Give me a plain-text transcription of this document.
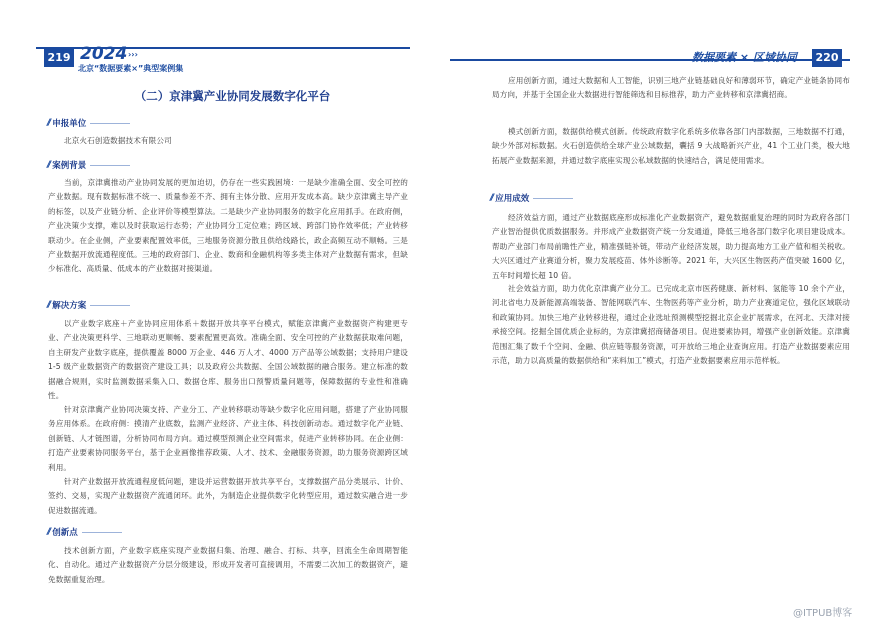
219 2024 ›››
北京“数据要素×”典型案例集
（二）京津冀产业协同发展数字化平台
// 申报单位
北京火石创造数据技术有限公司
// 案例背景
当前，京津冀推动产业协同发展的更加迫切，仍存在一些实践困境：一是缺少准确全面、安全可控的产业数据。现有数据标准不统一、质量参差不齐、拥有主体分散、应用开发成本高。缺少京津冀主导产业的标签，以及产业链分析、企业评价等模型算法。二是缺少产业协同服务的数字化应用抓手。在政府侧，产业决策少支撑，难以及时获取运行态势；产业协同分工定位难；跨区域、跨部门协作效率低；产业转移联动少。在企业侧，产业要素配置效率低，三地服务资源分散且供给线路长，政企高频互动不顺畅。三是产业数据开放流通程度低。三地的政府部门、企业、数商和金融机构等多类主体对产业数据有需求，但缺少标准化、高质量、低成本的产业数据对接渠道。
// 解决方案
以产业数字底座＋产业协同应用体系＋数据开放共享平台模式，赋能京津冀产业数据资产构建更专业、产业决策更科学、三地联动更顺畅、要素配置更高效。准确全面、安全可控的产业数据获取难问题，自主研发产业数字底座，提供覆盖 8000 万企业、446 万人才、4000 万产品等公域数据；支持用户建设 1-5 级产业数据资产的数据资产建设工具；以及政府公共数据、全国公域数据的融合服务。建立标准的数据融合规则，实时监测数据采集入口、数据仓库、服务出口预警质量问题等，保障数据的专业性和准确性。
针对京津冀产业协同决策支持、产业分工、产业转移联动等缺少数字化应用问题，搭建了产业协同服务应用体系。在政府侧：摸清产业底数，监测产业经济、产业主体、科技创新动态。通过数字化产业链、创新链、人才链图谱，分析协同布局方向。通过模型预测企业空间需求，促进产业转移协同。在企业侧：打造产业要素协同服务平台，基于企业画像推荐政策、人才、技术、金融服务资源，助力服务资源跨区域利用。
针对产业数据开放流通程度低问题，建设并运营数据开放共享平台，支撑数据产品分类展示、计价、签约、交易，实现产业数据资产流通闭环。此外，为制造企业提供数字化转型应用，通过数实融合进一步促进数据流通。
// 创新点
技术创新方面，产业数字底座实现产业数据归集、治理、融合、打标、共享，回流全生命周期智能化、自动化。通过产业数据资产分层分级建设，形成开发者可直接调用，不需要二次加工的数据资产，避免数据重复治理。
数据要素 × 区域协同	220
应用创新方面，通过大数据和人工智能，识别三地产业链基础良好和薄弱环节，确定产业链条协同布局方向，并基于全国企业大数据进行智能筛选和目标推荐，助力产业转移和京津冀招商。
模式创新方面，数据供给模式创新。传统政府数字化系统多依靠各部门内部数据，三地数据不打通，缺少外部对标数据。火石创造供给全球产业公域数据，囊括 9 大战略新兴产业，41 个工业门类，极大地拓展产业数据来源，并通过数字底座实现公私域数据的快速结合，满足使用需求。
// 应用成效
经济效益方面，通过产业数据底座形成标准化产业数据资产，避免数据重复治理的同时为政府各部门产业智治提供优质数据服务。并形成产业数据资产统一分发通道，降低三地各部门数字化项目建设成本。帮助产业部门布局前瞻性产业，精准强链补链，带动产业经济发展，助力提高地方工业产值和相关税收。大兴区通过产业赛道分析，聚力发展疫苗、体外诊断等。2021 年，大兴区生物医药产值突破 1600 亿，五年时间增长超 10 倍。
社会效益方面，助力优化京津冀产业分工。已完成北京市医药健康、新材料、氢能等 10 余个产业，河北省电力及新能源高端装备、智能网联汽车、生物医药等产业分析，助力产业赛道定位，强化区域联动和政策协同。加快三地产业转移进程，通过企业选址预测模型挖掘北京企业扩展需求，在河北、天津对接承接空间。挖掘全国优质企业标的，为京津冀招商储备项目。促进要素协同，增强产业创新效能。京津冀范围汇集了数千个空间、金融、供应链等服务资源，可开放给三地企业查询应用。打造产业数据要素应用示范，助力以高质量的数据供给和“来料加工”模式，打造产业数据要素应用示范样板。
@ITPUB博客
